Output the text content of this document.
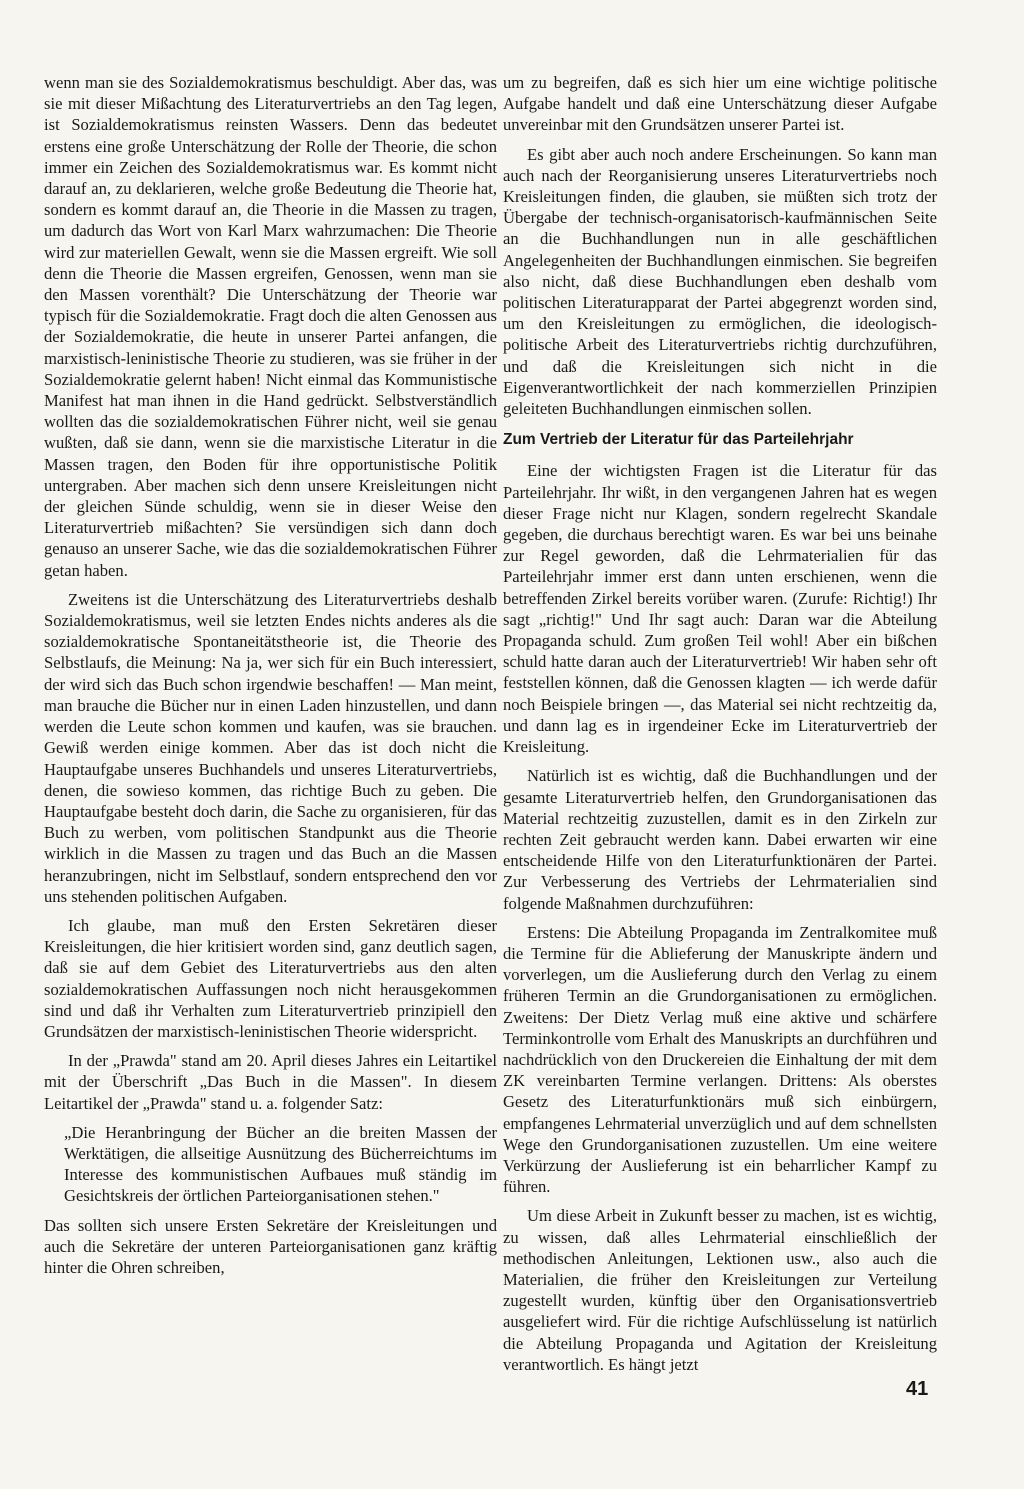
wenn man sie des Sozialdemokratismus beschuldigt. Aber das, was sie mit dieser Mißachtung des Literaturvertriebs an den Tag legen, ist Sozialdemokratismus reinsten Wassers. Denn das bedeutet erstens eine große Unterschätzung der Rolle der Theorie, die schon immer ein Zeichen des Sozialdemokratismus war. Es kommt nicht darauf an, zu deklarieren, welche große Bedeutung die Theorie hat, sondern es kommt darauf an, die Theorie in die Massen zu tragen, um dadurch das Wort von Karl Marx wahrzumachen: Die Theorie wird zur materiellen Gewalt, wenn sie die Massen ergreift. Wie soll denn die Theorie die Massen ergreifen, Genossen, wenn man sie den Massen vorenthält? Die Unterschätzung der Theorie war typisch für die Sozialdemokratie. Fragt doch die alten Genossen aus der Sozialdemokratie, die heute in unserer Partei anfangen, die marxistisch-leninistische Theorie zu studieren, was sie früher in der Sozialdemokratie gelernt haben! Nicht einmal das Kommunistische Manifest hat man ihnen in die Hand gedrückt. Selbstverständlich wollten das die sozialdemokratischen Führer nicht, weil sie genau wußten, daß sie dann, wenn sie die marxistische Literatur in die Massen tragen, den Boden für ihre opportunistische Politik untergraben. Aber machen sich denn unsere Kreisleitungen nicht der gleichen Sünde schuldig, wenn sie in dieser Weise den Literaturvertrieb mißachten? Sie versündigen sich dann doch genauso an unserer Sache, wie das die sozialdemokratischen Führer getan haben.

Zweitens ist die Unterschätzung des Literaturvertriebs deshalb Sozialdemokratismus, weil sie letzten Endes nichts anderes als die sozialdemokratische Spontaneitätstheorie ist, die Theorie des Selbstlaufs, die Meinung: Na ja, wer sich für ein Buch interessiert, der wird sich das Buch schon irgendwie beschaffen! — Man meint, man brauche die Bücher nur in einen Laden hinzustellen, und dann werden die Leute schon kommen und kaufen, was sie brauchen. Gewiß werden einige kommen. Aber das ist doch nicht die Hauptaufgabe unseres Buchhandels und unseres Literaturvertriebs, denen, die sowieso kommen, das richtige Buch zu geben. Die Hauptaufgabe besteht doch darin, die Sache zu organisieren, für das Buch zu werben, vom politischen Standpunkt aus die Theorie wirklich in die Massen zu tragen und das Buch an die Massen heranzubringen, nicht im Selbstlauf, sondern entsprechend den vor uns stehenden politischen Aufgaben.

Ich glaube, man muß den Ersten Sekretären dieser Kreisleitungen, die hier kritisiert worden sind, ganz deutlich sagen, daß sie auf dem Gebiet des Literaturvertriebs aus den alten sozialdemokratischen Auffassungen noch nicht herausgekommen sind und daß ihr Verhalten zum Literaturvertrieb prinzipiell den Grundsätzen der marxistisch-leninistischen Theorie widerspricht.

In der „Prawda" stand am 20. April dieses Jahres ein Leitartikel mit der Überschrift „Das Buch in die Massen". In diesem Leitartikel der „Prawda" stand u. a. folgender Satz:

„Die Heranbringung der Bücher an die breiten Massen der Werktätigen, die allseitige Ausnützung des Bücherreichtums im Interesse des kommunistischen Aufbaues muß ständig im Gesichtskreis der örtlichen Parteiorganisationen stehen."

Das sollten sich unsere Ersten Sekretäre der Kreisleitungen und auch die Sekretäre der unteren Parteiorganisationen ganz kräftig hinter die Ohren schreiben,

um zu begreifen, daß es sich hier um eine wichtige politische Aufgabe handelt und daß eine Unterschätzung dieser Aufgabe unvereinbar mit den Grundsätzen unserer Partei ist.

Es gibt aber auch noch andere Erscheinungen. So kann man auch nach der Reorganisierung unseres Literaturvertriebs noch Kreisleitungen finden, die glauben, sie müßten sich trotz der Übergabe der technisch-organisatorisch-kaufmännischen Seite an die Buchhandlungen nun in alle geschäftlichen Angelegenheiten der Buchhandlungen einmischen. Sie begreifen also nicht, daß diese Buchhandlungen eben deshalb vom politischen Literaturapparat der Partei abgegrenzt worden sind, um den Kreisleitungen zu ermöglichen, die ideologisch-politische Arbeit des Literaturvertriebs richtig durchzuführen, und daß die Kreisleitungen sich nicht in die Eigenverantwortlichkeit der nach kommerziellen Prinzipien geleiteten Buchhandlungen einmischen sollen.

Zum Vertrieb der Literatur für das Parteilehrjahr

Eine der wichtigsten Fragen ist die Literatur für das Parteilehrjahr. Ihr wißt, in den vergangenen Jahren hat es wegen dieser Frage nicht nur Klagen, sondern regelrecht Skandale gegeben, die durchaus berechtigt waren. Es war bei uns beinahe zur Regel geworden, daß die Lehrmaterialien für das Parteilehrjahr immer erst dann unten erschienen, wenn die betreffenden Zirkel bereits vorüber waren. (Zurufe: Richtig!) Ihr sagt „richtig!" Und Ihr sagt auch: Daran war die Abteilung Propaganda schuld. Zum großen Teil wohl! Aber ein bißchen schuld hatte daran auch der Literaturvertrieb! Wir haben sehr oft feststellen können, daß die Genossen klagten — ich werde dafür noch Beispiele bringen —, das Material sei nicht rechtzeitig da, und dann lag es in irgendeiner Ecke im Literaturvertrieb der Kreisleitung.

Natürlich ist es wichtig, daß die Buchhandlungen und der gesamte Literaturvertrieb helfen, den Grundorganisationen das Material rechtzeitig zuzustellen, damit es in den Zirkeln zur rechten Zeit gebraucht werden kann. Dabei erwarten wir eine entscheidende Hilfe von den Literaturfunktionären der Partei. Zur Verbesserung des Vertriebs der Lehrmaterialien sind folgende Maßnahmen durchzuführen:

Erstens: Die Abteilung Propaganda im Zentralkomitee muß die Termine für die Ablieferung der Manuskripte ändern und vorverlegen, um die Auslieferung durch den Verlag zu einem früheren Termin an die Grundorganisationen zu ermöglichen. Zweitens: Der Dietz Verlag muß eine aktive und schärfere Terminkontrolle vom Erhalt des Manuskripts an durchführen und nachdrücklich von den Druckereien die Einhaltung der mit dem ZK vereinbarten Termine verlangen. Drittens: Als oberstes Gesetz des Literaturfunktionärs muß sich einbürgern, empfangenes Lehrmaterial unverzüglich und auf dem schnellsten Wege den Grundorganisationen zuzustellen. Um eine weitere Verkürzung der Auslieferung ist ein beharrlicher Kampf zu führen.

Um diese Arbeit in Zukunft besser zu machen, ist es wichtig, zu wissen, daß alles Lehrmaterial einschließlich der methodischen Anleitungen, Lektionen usw., also auch die Materialien, die früher den Kreisleitungen zur Verteilung zugestellt wurden, künftig über den Organisationsvertrieb ausgeliefert wird. Für die richtige Aufschlüsselung ist natürlich die Abteilung Propaganda und Agitation der Kreisleitung verantwortlich. Es hängt jetzt

41
